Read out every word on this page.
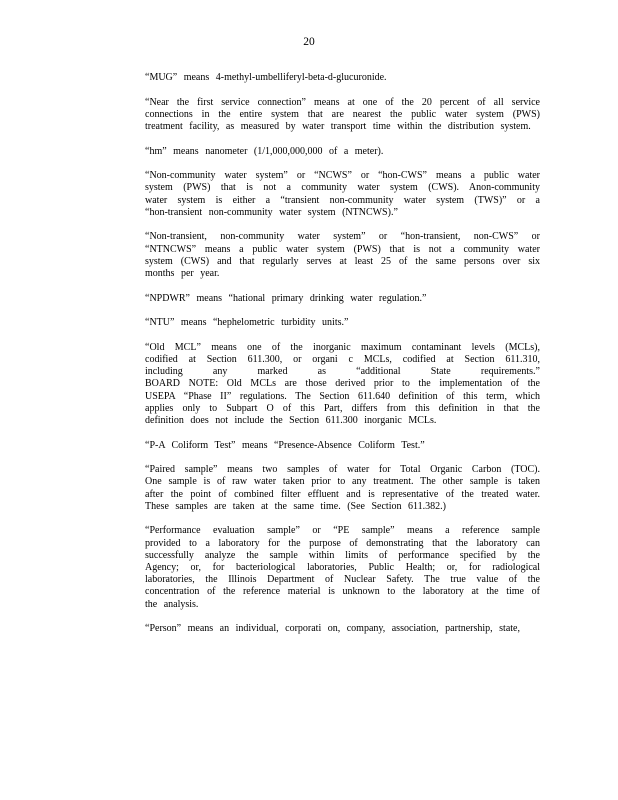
20
“MUG” means 4-methyl-umbelliferyl-beta-d-glucuronide.
“Near the first service connection” means at one of the 20 percent of all service
connections in the entire system that are nearest the public water system (PWS)
treatment facility, as measured by water transport time within the distribution system.
“hm” means nanometer (1/1,000,000,000 of a meter).
“Non-community water system” or “NCWS” or “hon-CWS” means a public water
system (PWS) that is not a community water system (CWS). Anon-community
water system is either a “transient non-community water system (TWS)” or a
“hon-transient non-community water system (NTNCWS).”
“Non-transient, non-community water system” or “hon-transient, non-CWS” or
“NTNCWS” means a public water system (PWS) that is not a community water
system (CWS) and that regularly serves at least 25 of the same persons over six
months per year.
“NPDWR” means “hational primary drinking water regulation.”
“NTU” means “hephelometric turbidity units.”
“Old MCL” means one of the inorganic maximum contaminant levels (MCLs),
codified at Section 611.300, or organi c MCLs, codified at Section 611.310,
including any marked as “additional State requirements.”
BOARD NOTE: Old MCLs are those derived prior to the implementation of the
USEPA “Phase II” regulations. The Section 611.640 definition of this term, which
applies only to Subpart O of this Part, differs from this definition in that the
definition does not include the Section 611.300 inorganic MCLs.
“P-A Coliform Test” means “Presence-Absence Coliform Test.”
“Paired sample” means two samples of water for Total Organic Carbon (TOC).
One sample is of raw water taken prior to any treatment. The other sample is taken
after the point of combined filter effluent and is representative of the treated water.
These samples are taken at the same time. (See Section 611.382.)
“Performance evaluation sample” or “PE sample” means a reference sample
provided to a laboratory for the purpose of demonstrating that the laboratory can
successfully analyze the sample within limits of performance specified by the
Agency; or, for bacteriological laboratories, Public Health; or, for radiological
laboratories, the Illinois Department of Nuclear Safety. The true value of the
concentration of the reference material is unknown to the laboratory at the time of
the analysis.
“Person” means an individual, corporati on, company, association, partnership, state,
